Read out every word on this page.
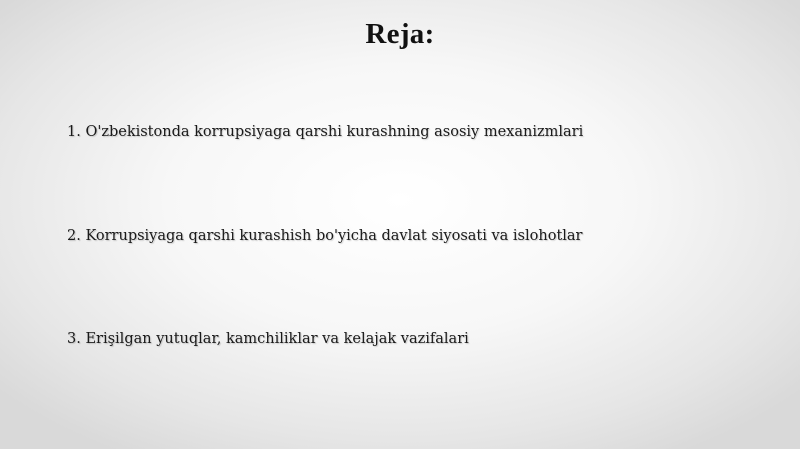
Reja:
1. O'zbekistonda korrupsiyaga qarshi kurashning asosiy mexanizmlari
2. Korrupsiyaga qarshi kurashish bo'yicha davlat siyosati va islohotlar
3. Erişilgan yutuqlar, kamchiliklar va kelajak vazifalari
